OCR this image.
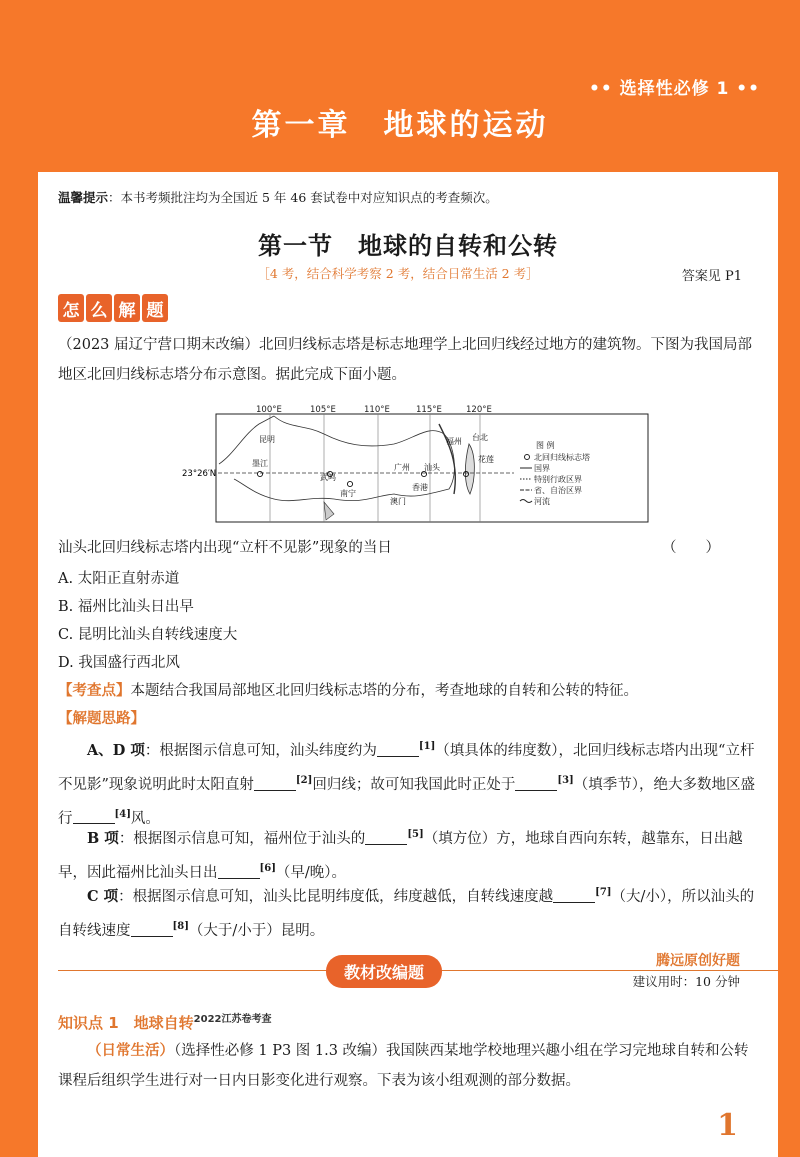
•• 选择性必修 1 ••
第一章　地球的运动
温馨提示：本书考频批注均为全国近 5 年 46 套试卷中对应知识点的考查频次。
第一节　地球的自转和公转
［4 考，结合科学考察 2 考，结合日常生活 2 考］	答案见 P1
怎 么 解 题
（2023 届辽宁营口期末改编）北回归线标志塔是标志地理学上北回归线经过地方的建筑物。下图为我国局部地区北回归线标志塔分布示意图。据此完成下面小题。
100°E	105°E	110°E	115°E	120°E
23°26′N
昆明
墨江
南宁
武鸣
广州 汕头
香港
澳门
福州 台北
花莲
图 例
北回归线标志塔
国界
特别行政区界
省、自治区界
河流
汕头北回归线标志塔内出现“立杆不见影”现象的当日	（　　）
A. 太阳正直射赤道
B. 福州比汕头日出早
C. 昆明比汕头自转线速度大
D. 我国盛行西北风
【考查点】本题结合我国局部地区北回归线标志塔的分布，考查地球的自转和公转的特征。
【解题思路】
A、D 项：根据图示信息可知，汕头纬度约为	[1]（填具体的纬度数），北回归线标志塔内出现“立杆不见影”现象说明此时太阳直射	[2]回归线；故可知我国此时正处于	[3]（填季节），绝大多数地区盛行	[4]风。
B 项：根据图示信息可知，福州位于汕头的	[5]（填方位）方，地球自西向东转，越靠东，日出越早，因此福州比汕头日出	[6]（早/晚）。
C 项：根据图示信息可知，汕头比昆明纬度低，纬度越低，自转线速度越	[7]（大/小），所以汕头的自转线速度	[8]（大于/小于）昆明。
教材改编题
腾远原创好题
建议用时：10 分钟
知识点 1　地球自转$^{2022江苏卷考查}$
（日常生活）（选择性必修 1 P3 图 1.3 改编）我国陕西某地学校地理兴趣小组在学习完地球自转和公转课程后组织学生进行对一日内日影变化进行观察。下表为该小组观测的部分数据。
1
